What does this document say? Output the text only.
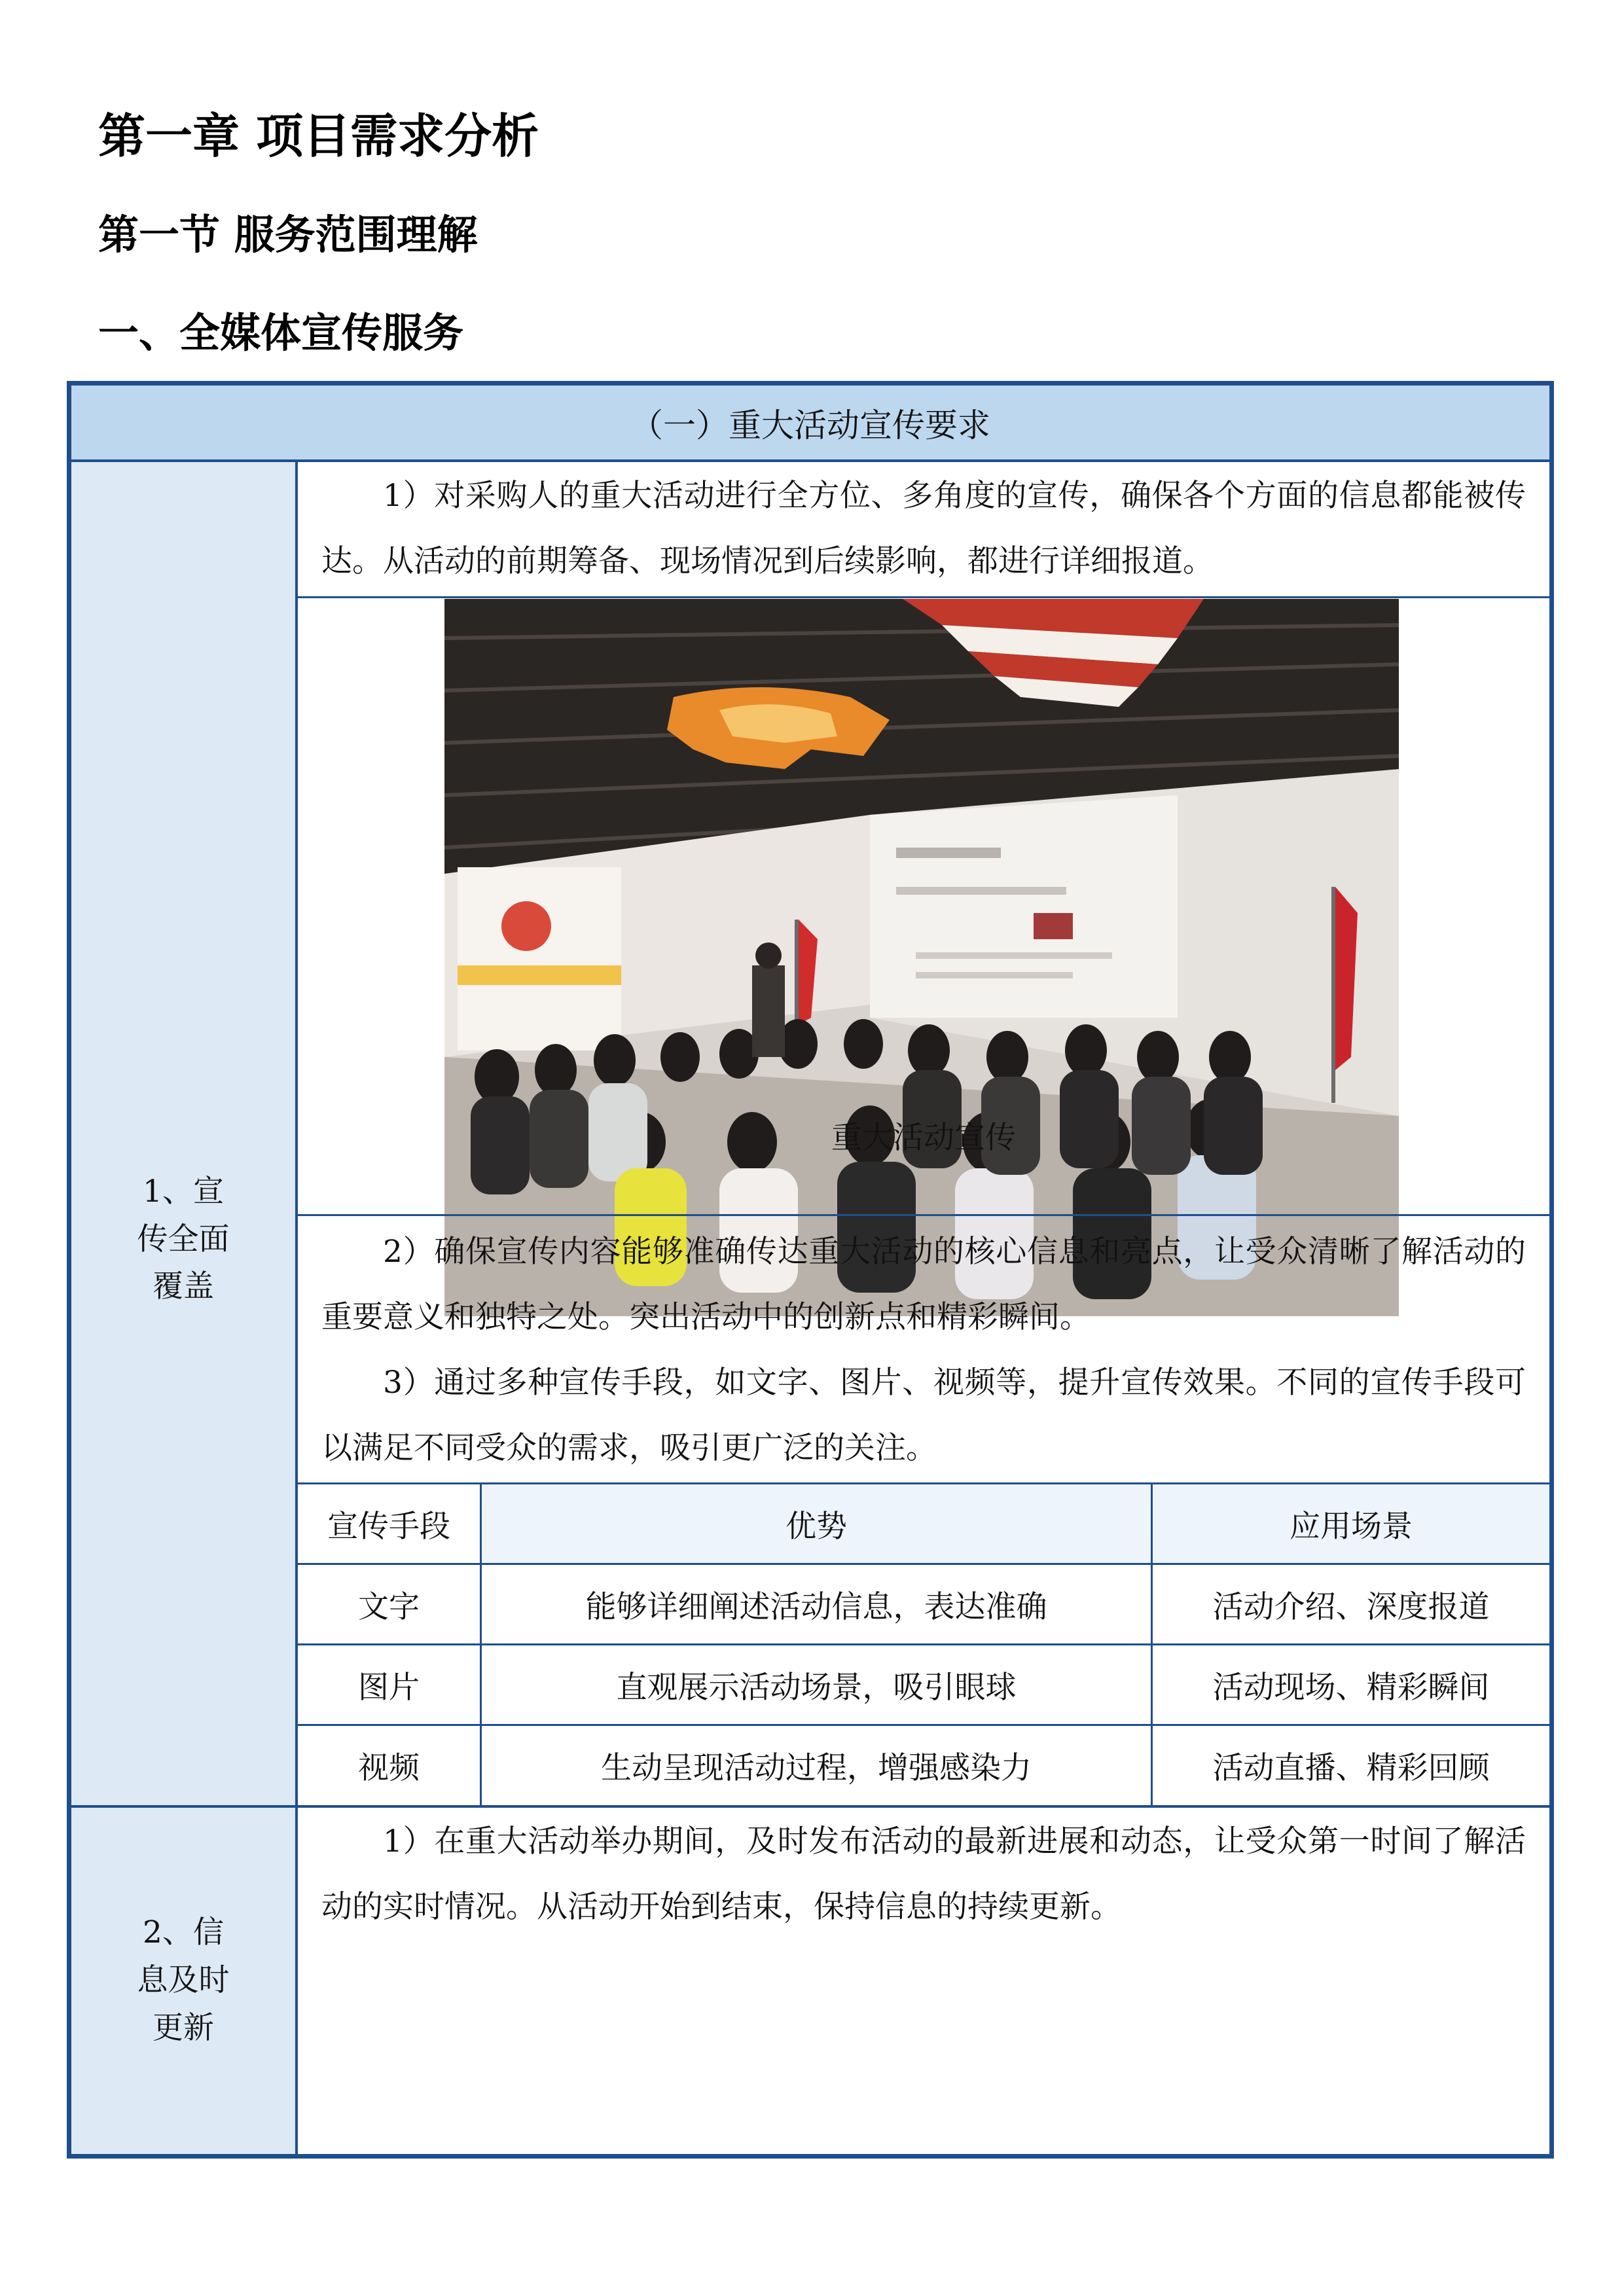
第一章 项目需求分析
第一节 服务范围理解
一、全媒体宣传服务
（一）重大活动宣传要求
1、宣传全面覆盖

1）对采购人的重大活动进行全方位、多角度的宣传，确保各个方面的信息都能被传达。从活动的前期筹备、现场情况到后续影响，都进行详细报道。

重大活动宣传

2）确保宣传内容能够准确传达重大活动的核心信息和亮点，让受众清晰了解活动的重要意义和独特之处。突出活动中的创新点和精彩瞬间。

3）通过多种宣传手段，如文字、图片、视频等，提升宣传效果。不同的宣传手段可以满足不同受众的需求，吸引更广泛的关注。

宣传手段	优势	应用场景
文字	能够详细阐述活动信息，表达准确	活动介绍、深度报道
图片	直观展示活动场景，吸引眼球	活动现场、精彩瞬间
视频	生动呈现活动过程，增强感染力	活动直播、精彩回顾
2、信息及时更新

1）在重大活动举办期间，及时发布活动的最新进展和动态，让受众第一时间了解活动的实时情况。从活动开始到结束，保持信息的持续更新。
